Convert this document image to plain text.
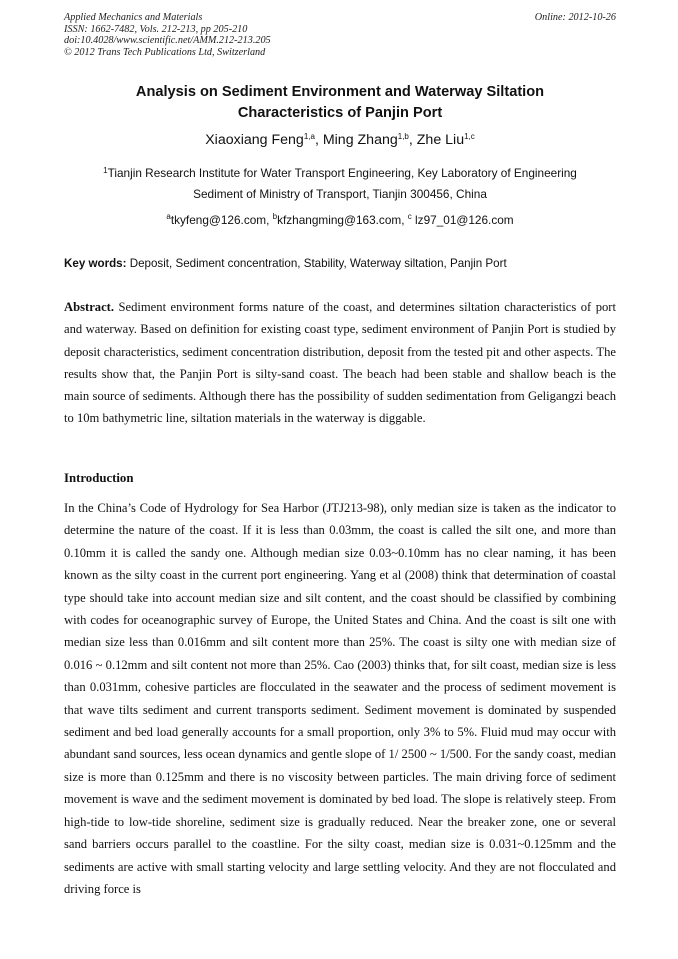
Applied Mechanics and Materials
ISSN: 1662-7482, Vols. 212-213, pp 205-210
doi:10.4028/www.scientific.net/AMM.212-213.205
© 2012 Trans Tech Publications Ltd, Switzerland
Online: 2012-10-26
Analysis on Sediment Environment and Waterway Siltation
Characteristics of Panjin Port
Xiaoxiang Feng$^{1,a}$, Ming Zhang$^{1,b}$, Zhe Liu$^{1,c}$
$^1$Tianjin Research Institute for Water Transport Engineering, Key Laboratory of Engineering
Sediment of Ministry of Transport, Tianjin 300456, China
$^a$tkyfeng@126.com, $^b$kfzhangming@163.com, $^c$ lz97_01@126.com
Key words: Deposit, Sediment concentration, Stability, Waterway siltation, Panjin Port
Abstract. Sediment environment forms nature of the coast, and determines siltation characteristics of port and waterway. Based on definition for existing coast type, sediment environment of Panjin Port is studied by deposit characteristics, sediment concentration distribution, deposit from the tested pit and other aspects. The results show that, the Panjin Port is silty-sand coast. The beach had been stable and shallow beach is the main source of sediments. Although there has the possibility of sudden sedimentation from Geligangzi beach to 10m bathymetric line, siltation materials in the waterway is diggable.
Introduction
In the China’s Code of Hydrology for Sea Harbor (JTJ213-98), only median size is taken as the indicator to determine the nature of the coast. If it is less than 0.03mm, the coast is called the silt one, and more than 0.10mm it is called the sandy one. Although median size 0.03~0.10mm has no clear naming, it has been known as the silty coast in the current port engineering. Yang et al (2008) think that determination of coastal type should take into account median size and silt content, and the coast should be classified by combining with codes for oceanographic survey of Europe, the United States and China. And the coast is silt one with median size less than 0.016mm and silt content more than 25%. The coast is silty one with median size of 0.016 ~ 0.12mm and silt content not more than 25%. Cao (2003) thinks that, for silt coast, median size is less than 0.031mm, cohesive particles are flocculated in the seawater and the process of sediment movement is that wave tilts sediment and current transports sediment. Sediment movement is dominated by suspended sediment and bed load generally accounts for a small proportion, only 3% to 5%. Fluid mud may occur with abundant sand sources, less ocean dynamics and gentle slope of 1/ 2500 ~ 1/500. For the sandy coast, median size is more than 0.125mm and there is no viscosity between particles. The main driving force of sediment movement is wave and the sediment movement is dominated by bed load. The slope is relatively steep. From high-tide to low-tide shoreline, sediment size is gradually reduced. Near the breaker zone, one or several sand barriers occurs parallel to the coastline. For the silty coast, median size is 0.031~0.125mm and the sediments are active with small starting velocity and large settling velocity. And they are not flocculated and driving force is
